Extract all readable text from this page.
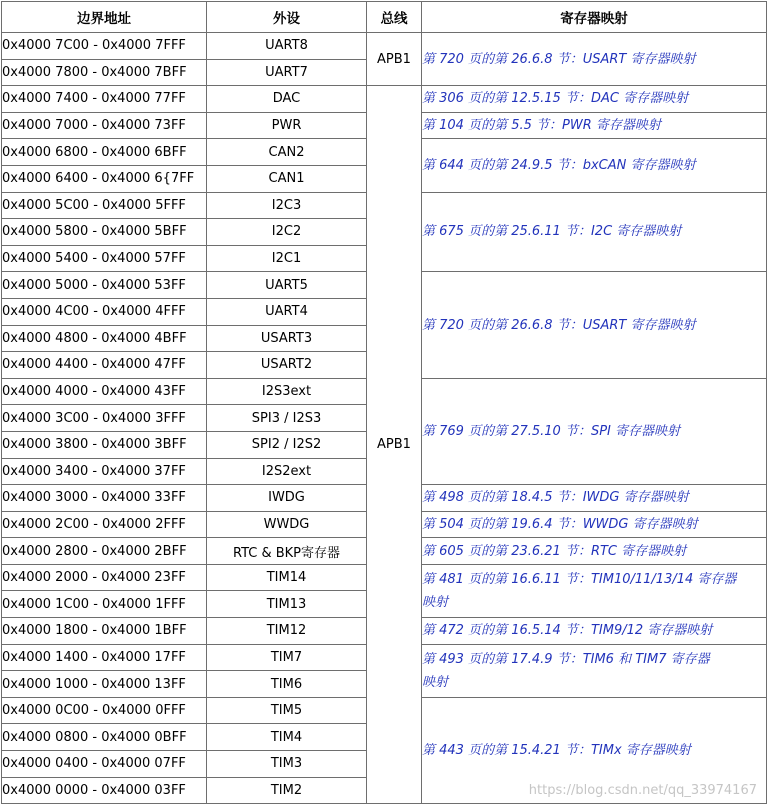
边界地址	外设	总线	寄存器映射
0x4000 7C00 - 0x4000 7FFF	UART8	APB1	第 720 页的第 26.6.8 节：USART 寄存器映射

0x4000 7800 - 0x4000 7BFF	UART7		
0x4000 7400 - 0x4000 77FF	DAC	APB1	第 306 页的第 12.5.15 节：DAC 寄存器映射

0x4000 7000 - 0x4000 73FF	PWR		第 104 页的第 5.5 节：PWR 寄存器映射

0x4000 6800 - 0x4000 6BFF	CAN2		第 644 页的第 24.9.5 节：bxCAN 寄存器映射

0x4000 6400 - 0x4000 6{7FF	CAN1		
0x4000 5C00 - 0x4000 5FFF	I2C3		第 675 页的第 25.6.11 节：I2C 寄存器映射

0x4000 5800 - 0x4000 5BFF	I2C2		
0x4000 5400 - 0x4000 57FF	I2C1		
0x4000 5000 - 0x4000 53FF	UART5		第 720 页的第 26.6.8 节：USART 寄存器映射

0x4000 4C00 - 0x4000 4FFF	UART4		
0x4000 4800 - 0x4000 4BFF	USART3		
0x4000 4400 - 0x4000 47FF	USART2		
0x4000 4000 - 0x4000 43FF	I2S3ext		第 769 页的第 27.5.10 节：SPI 寄存器映射

0x4000 3C00 - 0x4000 3FFF	SPI3 / I2S3		
0x4000 3800 - 0x4000 3BFF	SPI2 / I2S2		
0x4000 3400 - 0x4000 37FF	I2S2ext		
0x4000 3000 - 0x4000 33FF	IWDG		第 498 页的第 18.4.5 节：IWDG 寄存器映射

0x4000 2C00 - 0x4000 2FFF	WWDG		第 504 页的第 19.6.4 节：WWDG 寄存器映射

0x4000 2800 - 0x4000 2BFF	RTC & BKP寄存器		第 605 页的第 23.6.21 节：RTC 寄存器映射

0x4000 2000 - 0x4000 23FF	TIM14		第 481 页的第 16.6.11 节：TIM10/11/13/14 寄存器
映射

0x4000 1C00 - 0x4000 1FFF	TIM13		
0x4000 1800 - 0x4000 1BFF	TIM12		第 472 页的第 16.5.14 节：TIM9/12 寄存器映射

0x4000 1400 - 0x4000 17FF	TIM7		第 493 页的第 17.4.9 节：TIM6 和 TIM7 寄存器
映射

0x4000 1000 - 0x4000 13FF	TIM6		
0x4000 0C00 - 0x4000 0FFF	TIM5		第 443 页的第 15.4.21 节：TIMx 寄存器映射

0x4000 0800 - 0x4000 0BFF	TIM4		
0x4000 0400 - 0x4000 07FF	TIM3		
0x4000 0000 - 0x4000 03FF	TIM2			https://blog.csdn.net/qq_33974167
